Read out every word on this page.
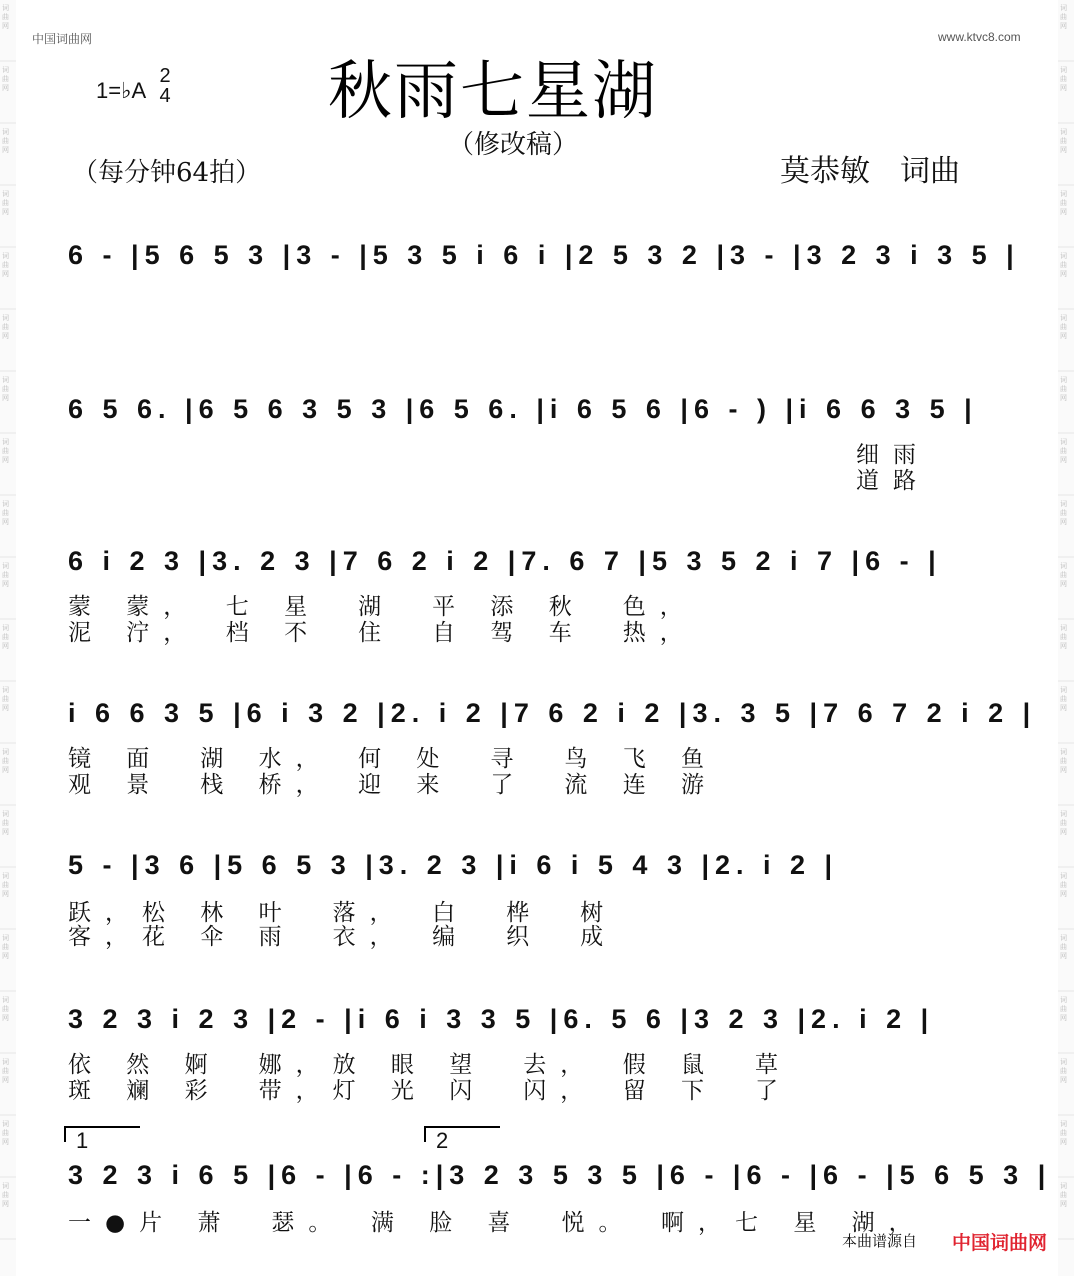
词曲网
词曲网
词曲网
词曲网
词曲网
词曲网
词曲网
词曲网
词曲网
词曲网
词曲网
词曲网
词曲网
词曲网
词曲网
词曲网
词曲网
词曲网
词曲网
词曲网
词曲网
词曲网
词曲网
词曲网
词曲网
词曲网
词曲网
词曲网
词曲网
词曲网
词曲网
词曲网
词曲网
词曲网
词曲网
词曲网
词曲网
词曲网
词曲网
词曲网
中国词曲网	www.ktvc8.com
1=♭A
2
4 秋雨七星湖
（修改稿）
（每分钟64拍）	莫恭敏　词曲
6 - |5 6 5 3 |3 - |5 3 5 i 6 i |2 5 3 2 |3 - |3 2 3 i 3 5 |
6 5 6. |6 5 6 3 5 3 |6 5 6. |i 6 5 6 |6 - ) |i 6 6 3 5 |
细雨
道路
6 i 2 3 |3. 2 3 |7 6 2 i 2 |7. 6 7 |5 3 5 2 i 7 |6 - |
蒙 蒙，　七 星　湖　平 添 秋　色，
泥 泞，　档 不　住　自 驾 车　热，
i 6 6 3 5 |6 i 3 2 |2. i 2 |7 6 2 i 2 |3. 3 5 |7 6 7 2 i 2 |
镜 面　湖 水，　何 处　寻　鸟 飞 鱼
观 景　栈 桥，　迎 来　了　流 连 游
5 - |3 6 |5 6 5 3 |3. 2 3 |i 6 i 5 4 3 |2. i 2 |
跃，松 林 叶　落，　白　桦　树
客，花 伞 雨　衣，　编　织　成
3 2 3 i 2 3 |2 - |i 6 i 3 3 5 |6. 5 6 |3 2 3 |2. i 2 |
依 然 婀　娜，放 眼 望　去，　假 鼠　草
斑 斓 彩　带，灯 光 闪　闪，　留 下　了
1	2
3 2 3 i 6 5 |6 - |6 - :|3 2 3 5 3 5 |6 - |6 - |6 - |5 6 5 3 |
一●片 萧　瑟。　满 脸 喜　悦。　啊，七 星 湖，
本曲谱源自 中国词曲网
